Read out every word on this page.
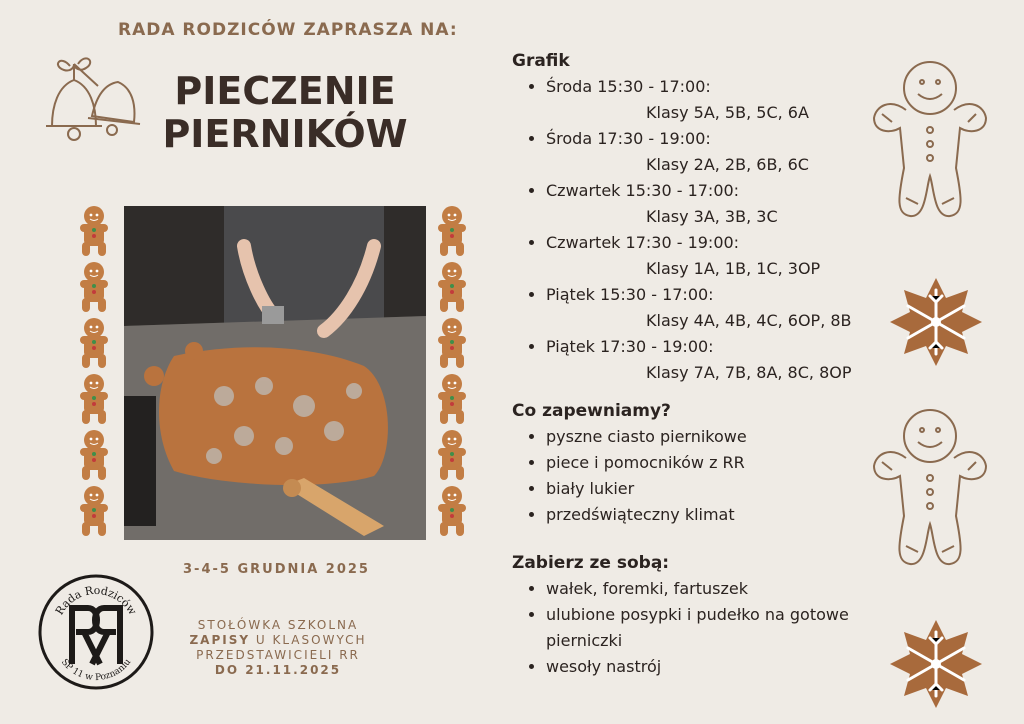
RADA RODZICÓW ZAPRASZA NA:
PIECZENIE
PIERNIKÓW
3-4-5 GRUDNIA 2025
Rada Rodziców
SP 11 w Poznaniu
STOŁÓWKA SZKOLNA
ZAPISY U KLASOWYCH
PRZEDSTAWICIELI RR
DO 21.11.2025
Grafik
• Środa 15:30 - 17:00:
Klasy 5A, 5B, 5C, 6A
• Środa 17:30 - 19:00:
Klasy 2A, 2B, 6B, 6C
• Czwartek 15:30 - 17:00:
Klasy 3A, 3B, 3C
• Czwartek 17:30 - 19:00:
Klasy 1A, 1B, 1C, 3OP
• Piątek 15:30 - 17:00:
Klasy 4A, 4B, 4C, 6OP, 8B
• Piątek 17:30 - 19:00:
Klasy 7A, 7B, 8A, 8C, 8OP
Co zapewniamy?
• pyszne ciasto piernikowe
• piece i pomocników z RR
• biały lukier
• przedświąteczny klimat
Zabierz ze sobą:
• wałek, foremki, fartuszek
• ulubione posypki i pudełko na gotowe pierniczki
• wesoły nastrój
